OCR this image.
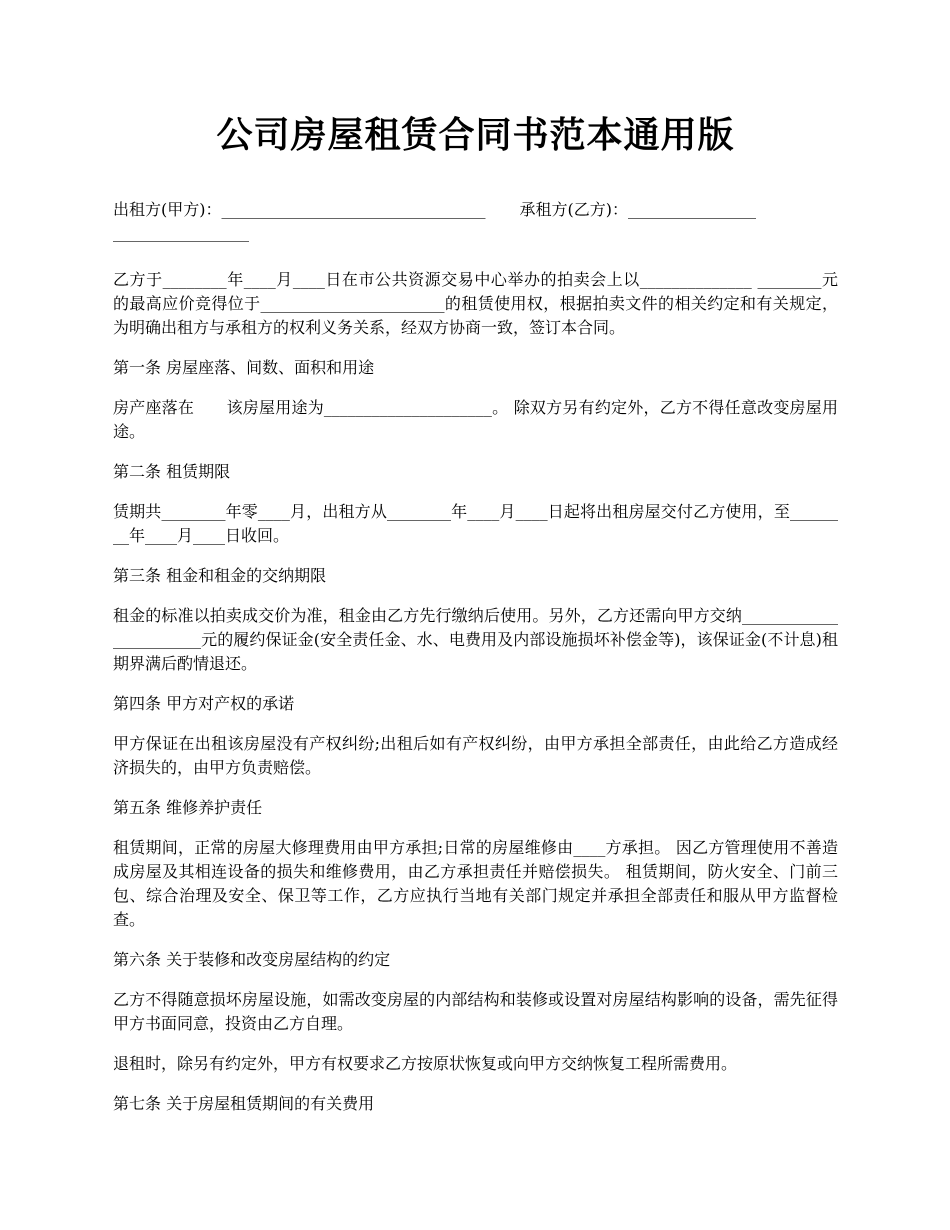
公司房屋租赁合同书范本通用版
出租方(甲方)：_________________________________ 承租方(乙方)：________________
_________________

乙方于________年____月____日在市公共资源交易中心举办的拍卖会上以______________ ________元的最高应价竞得位于_______________________的租赁使用权，根据拍卖文件的相关约定和有关规定，为明确出租方与承租方的权利义务关系，经双方协商一致，签订本合同。

第一条 房屋座落、间数、面积和用途

房产座落在　　该房屋用途为_____________________。 除双方另有约定外，乙方不得任意改变房屋用途。

第二条 租赁期限

赁期共________年零____月，出租方从________年____月____日起将出租房屋交付乙方使用，至________年____月____日收回。

第三条 租金和租金的交纳期限

租金的标准以拍卖成交价为准，租金由乙方先行缴纳后使用。另外，乙方还需向甲方交纳_______________________元的履约保证金(安全责任金、水、电费用及内部设施损坏补偿金等)，该保证金(不计息)租期界满后酌情退还。

第四条 甲方对产权的承诺

甲方保证在出租该房屋没有产权纠纷;出租后如有产权纠纷，由甲方承担全部责任，由此给乙方造成经济损失的，由甲方负责赔偿。

第五条 维修养护责任

租赁期间，正常的房屋大修理费用由甲方承担;日常的房屋维修由____方承担。 因乙方管理使用不善造成房屋及其相连设备的损失和维修费用，由乙方承担责任并赔偿损失。 租赁期间，防火安全、门前三包、综合治理及安全、保卫等工作，乙方应执行当地有关部门规定并承担全部责任和服从甲方监督检查。

第六条 关于装修和改变房屋结构的约定

乙方不得随意损坏房屋设施，如需改变房屋的内部结构和装修或设置对房屋结构影响的设备，需先征得甲方书面同意，投资由乙方自理。

退租时，除另有约定外，甲方有权要求乙方按原状恢复或向甲方交纳恢复工程所需费用。

第七条 关于房屋租赁期间的有关费用
